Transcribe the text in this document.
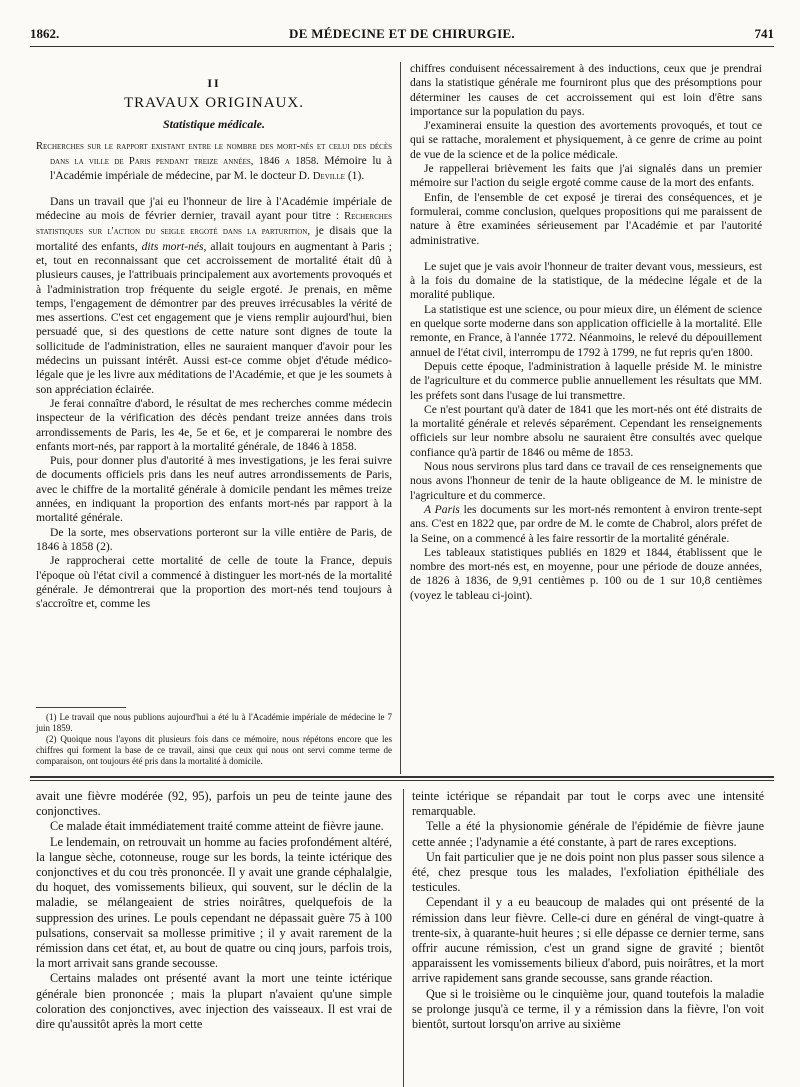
1862.	DE MÉDECINE ET DE CHIRURGIE.	741
II
TRAVAUX ORIGINAUX.
Statistique médicale.

Recherches sur le rapport existant entre le nombre des mort-nés et celui des décès dans la ville de Paris pendant treize années, 1846 a 1858. Mémoire lu à l'Académie impériale de médecine, par M. le docteur D. Deville (1).

Dans un travail que j'ai eu l'honneur de lire à l'Académie impériale de médecine au mois de février dernier, travail ayant pour titre : Recherches statistiques sur l'action du seigle ergoté dans la parturition, je disais que la mortalité des enfants, dits mort-nés, allait toujours en augmentant à Paris ; et, tout en reconnaissant que cet accroissement de mortalité était dû à plusieurs causes, je l'attribuais principalement aux avortements provoqués et à l'administration trop fréquente du seigle ergoté. Je prenais, en même temps, l'engagement de démontrer par des preuves irrécusables la vérité de mes assertions. C'est cet engagement que je viens remplir aujourd'hui, bien persuadé que, si des questions de cette nature sont dignes de toute la sollicitude de l'administration, elles ne sauraient manquer d'avoir pour les médecins un puissant intérêt. Aussi est-ce comme objet d'étude médico-légale que je les livre aux méditations de l'Académie, et que je les soumets à son appréciation éclairée.

Je ferai connaître d'abord, le résultat de mes recherches comme médecin inspecteur de la vérification des décès pendant treize années dans trois arrondissements de Paris, les 4e, 5e et 6e, et je comparerai le nombre des enfants mort-nés, par rapport à la mortalité générale, de 1846 à 1858.

Puis, pour donner plus d'autorité à mes investigations, je les ferai suivre de documents officiels pris dans les neuf autres arrondissements de Paris, avec le chiffre de la mortalité générale à domicile pendant les mêmes treize années, en indiquant la proportion des enfants mort-nés par rapport à la mortalité générale.

De la sorte, mes observations porteront sur la ville entière de Paris, de 1846 à 1858 (2).

Je rapprocherai cette mortalité de celle de toute la France, depuis l'époque où l'état civil a commencé à distinguer les mort-nés de la mortalité générale. Je démontrerai que la proportion des mort-nés tend toujours à s'accroître et, comme les

(1) Le travail que nous publions aujourd'hui a été lu à l'Académie impériale de médecine le 7 juin 1859.

(2) Quoique nous l'ayons dit plusieurs fois dans ce mémoire, nous répétons encore que les chiffres qui forment la base de ce travail, ainsi que ceux qui nous ont servi comme terme de comparaison, ont toujours été pris dans la mortalité à domicile.

chiffres conduisent nécessairement à des inductions, ceux que je prendrai dans la statistique générale me fourniront plus que des présomptions pour déterminer les causes de cet accroissement qui est loin d'être sans importance sur la population du pays.

J'examinerai ensuite la question des avortements provoqués, et tout ce qui se rattache, moralement et physiquement, à ce genre de crime au point de vue de la science et de la police médicale.

Je rappellerai brièvement les faits que j'ai signalés dans un premier mémoire sur l'action du seigle ergoté comme cause de la mort des enfants.

Enfin, de l'ensemble de cet exposé je tirerai des conséquences, et je formulerai, comme conclusion, quelques propositions qui me paraissent de nature à être examinées sérieusement par l'Académie et par l'autorité administrative.

Le sujet que je vais avoir l'honneur de traiter devant vous, messieurs, est à la fois du domaine de la statistique, de la médecine légale et de la moralité publique.

La statistique est une science, ou pour mieux dire, un élément de science en quelque sorte moderne dans son application officielle à la mortalité. Elle remonte, en France, à l'année 1772. Néanmoins, le relevé du dépouillement annuel de l'état civil, interrompu de 1792 à 1799, ne fut repris qu'en 1800.

Depuis cette époque, l'administration à laquelle préside M. le ministre de l'agriculture et du commerce publie annuellement les résultats que MM. les préfets sont dans l'usage de lui transmettre.

Ce n'est pourtant qu'à dater de 1841 que les mort-nés ont été distraits de la mortalité générale et relevés séparément. Cependant les renseignements officiels sur leur nombre absolu ne sauraient être consultés avec quelque confiance qu'à partir de 1846 ou même de 1853.

Nous nous servirons plus tard dans ce travail de ces renseignements que nous avons l'honneur de tenir de la haute obligeance de M. le ministre de l'agriculture et du commerce.

A Paris les documents sur les mort-nés remontent à environ trente-sept ans. C'est en 1822 que, par ordre de M. le comte de Chabrol, alors préfet de la Seine, on a commencé à les faire ressortir de la mortalité générale.

Les tableaux statistiques publiés en 1829 et 1844, établissent que le nombre des mort-nés est, en moyenne, pour une période de douze années, de 1826 à 1836, de 9,91 centièmes p. 100 ou de 1 sur 10,8 centièmes (voyez le tableau ci-joint).

avait une fièvre modérée (92, 95), parfois un peu de teinte jaune des conjonctives.

Ce malade était immédiatement traité comme atteint de fièvre jaune.

Le lendemain, on retrouvait un homme au facies profondément altéré, la langue sèche, cotonneuse, rouge sur les bords, la teinte ictérique des conjonctives et du cou très prononcée. Il y avait une grande céphalalgie, du hoquet, des vomissements bilieux, qui souvent, sur le déclin de la maladie, se mélangeaient de stries noirâtres, quelquefois de la suppression des urines. Le pouls cependant ne dépassait guère 75 à 100 pulsations, conservait sa mollesse primitive ; il y avait rarement de la rémission dans cet état, et, au bout de quatre ou cinq jours, parfois trois, la mort arrivait sans grande secousse.

Certains malades ont présenté avant la mort une teinte ictérique générale bien prononcée ; mais la plupart n'avaient qu'une simple coloration des conjonctives, avec injection des vaisseaux. Il est vrai de dire qu'aussitôt après la mort cette

teinte ictérique se répandait par tout le corps avec une intensité remarquable.

Telle a été la physionomie générale de l'épidémie de fièvre jaune cette année ; l'adynamie a été constante, à part de rares exceptions.

Un fait particulier que je ne dois point non plus passer sous silence a été, chez presque tous les malades, l'exfoliation épithéliale des testicules.

Cependant il y a eu beaucoup de malades qui ont présenté de la rémission dans leur fièvre. Celle-ci dure en général de vingt-quatre à trente-six, à quarante-huit heures ; si elle dépasse ce dernier terme, sans offrir aucune rémission, c'est un grand signe de gravité ; bientôt apparaissent les vomissements bilieux d'abord, puis noirâtres, et la mort arrive rapidement sans grande secousse, sans grande réaction.

Que si le troisième ou le cinquième jour, quand toutefois la maladie se prolonge jusqu'à ce terme, il y a rémission dans la fièvre, l'on voit bientôt, surtout lorsqu'on arrive au sixième
